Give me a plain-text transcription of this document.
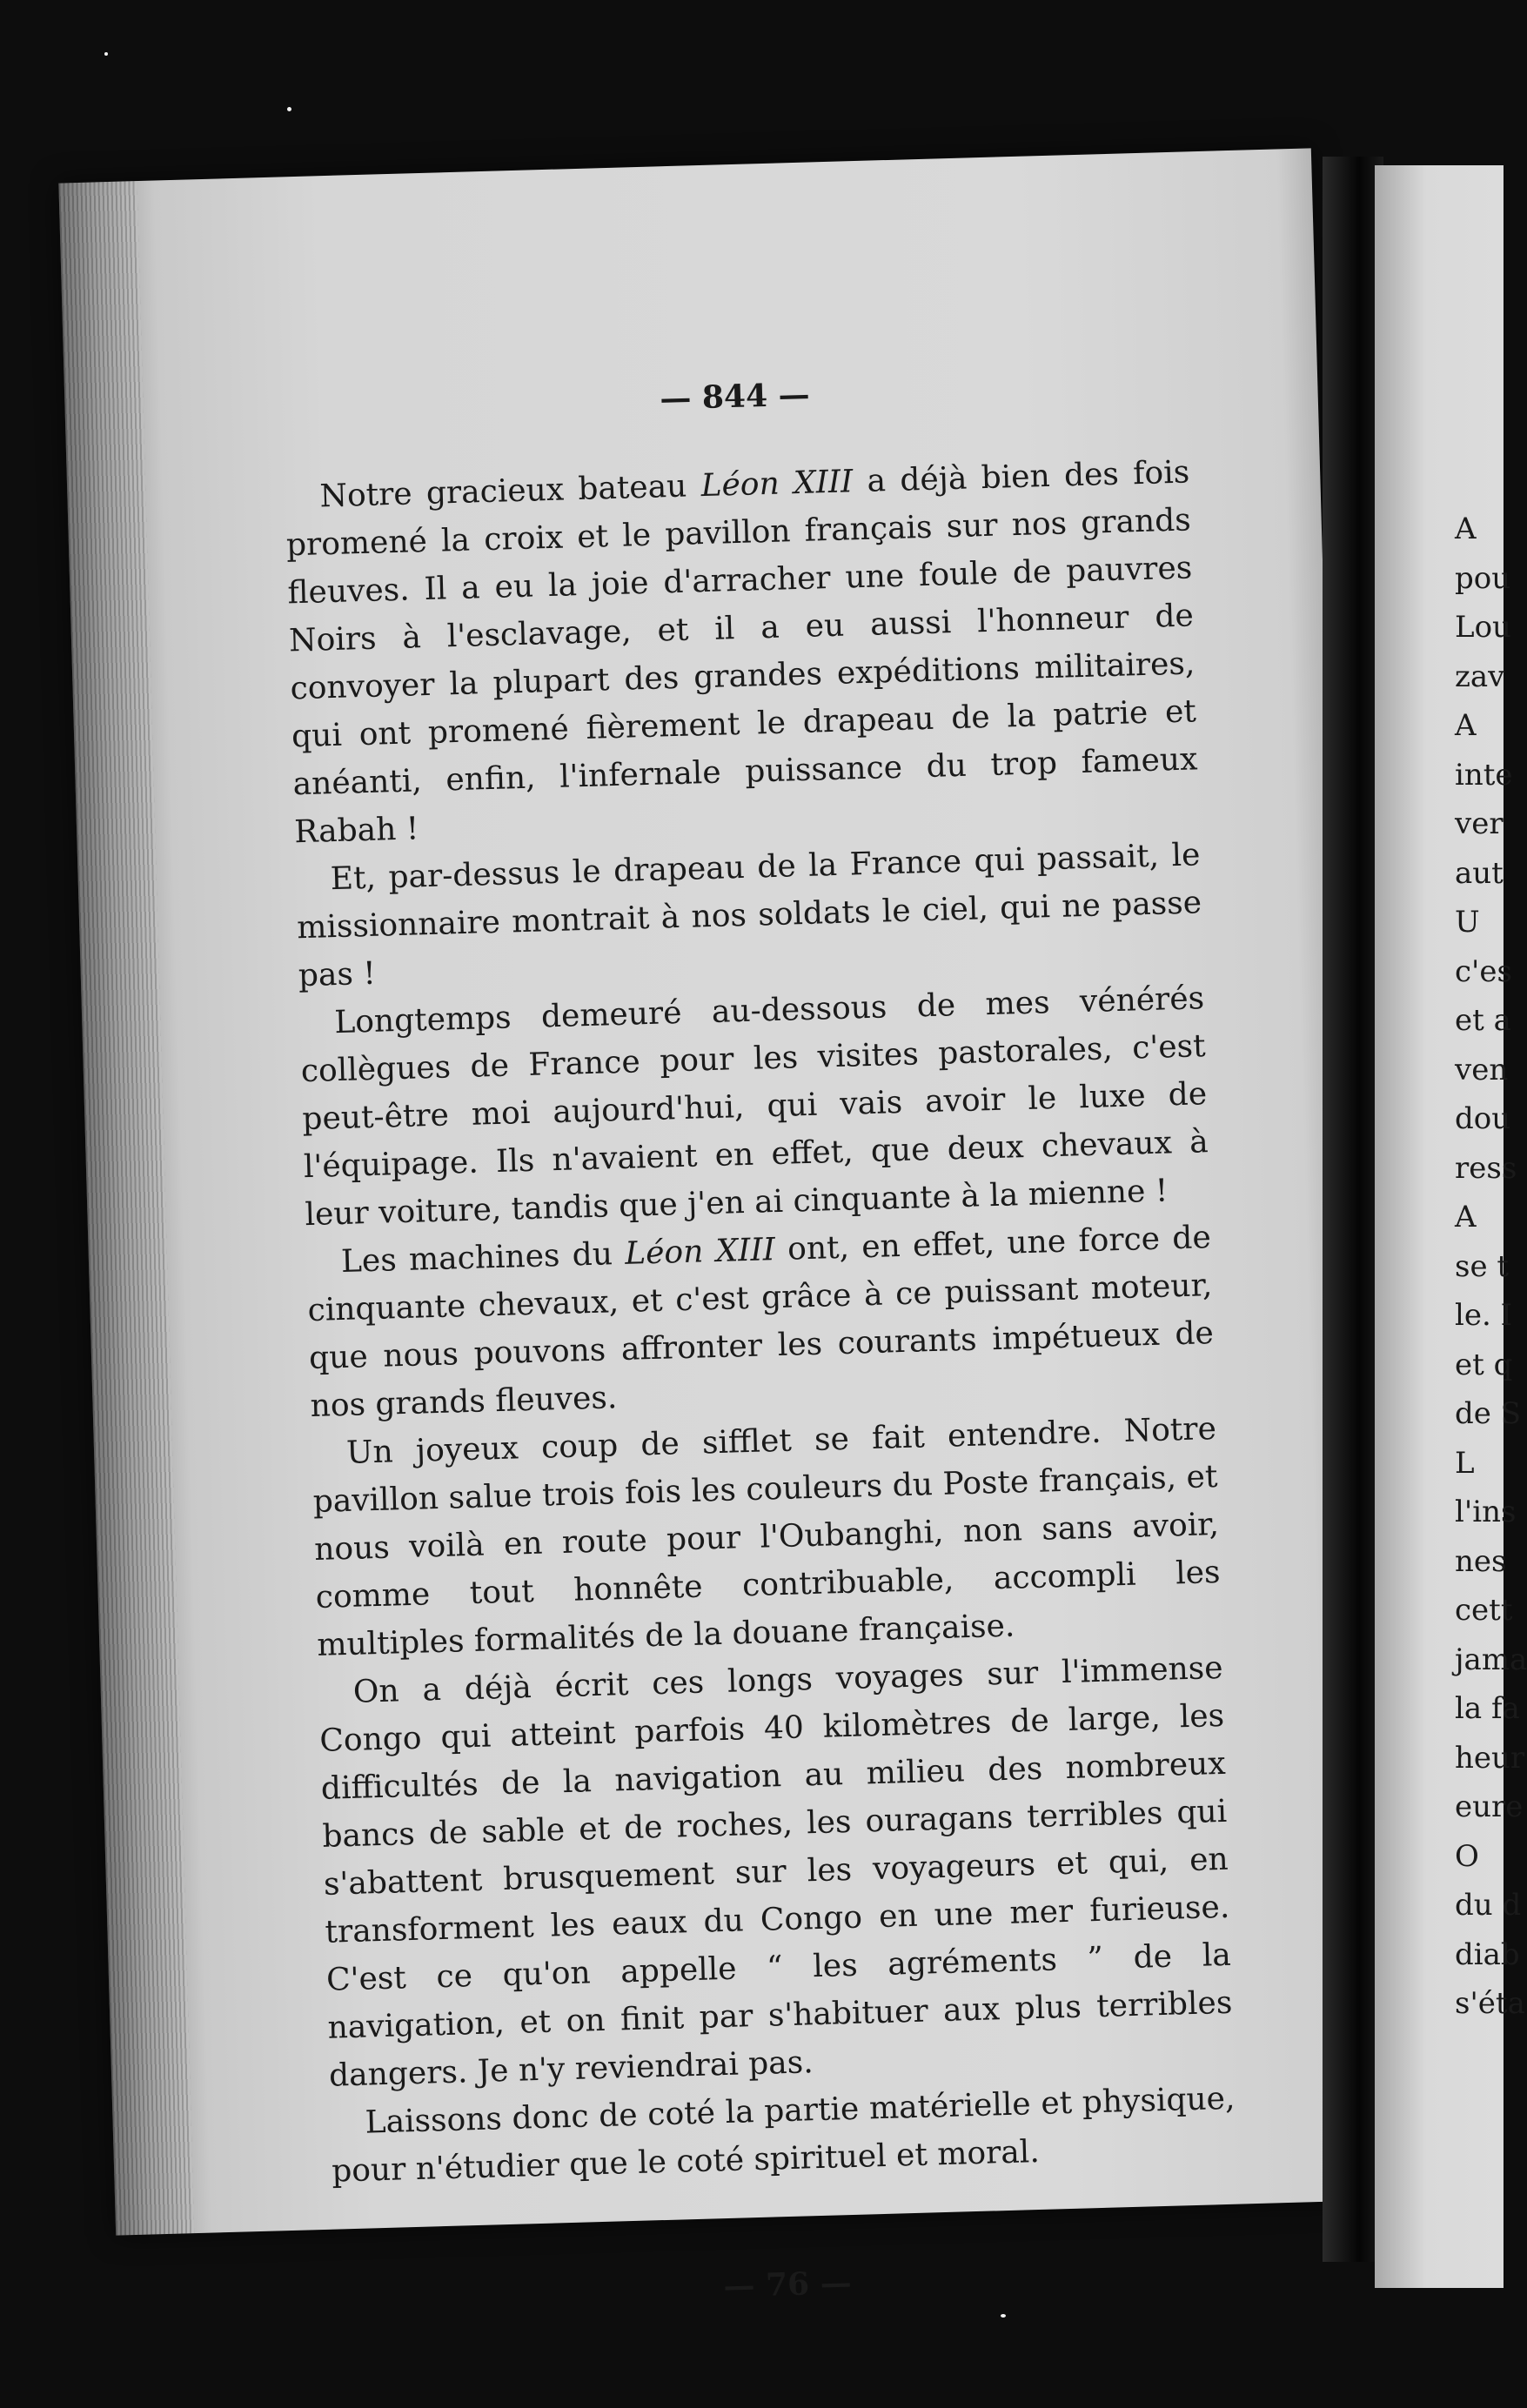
— 844 —

Notre gracieux bateau Léon XIII a déjà bien des fois promené la croix et le pavillon français sur nos grands fleuves. Il a eu la joie d'arracher une foule de pauvres Noirs à l'esclavage, et il a eu aussi l'honneur de convoyer la plupart des grandes expéditions militaires, qui ont promené fièrement le drapeau de la patrie et anéanti, enfin, l'infernale puissance du trop fameux Rabah !

Et, par-dessus le drapeau de la France qui passait, le missionnaire montrait à nos soldats le ciel, qui ne passe pas !

Longtemps demeuré au-dessous de mes vénérés collègues de France pour les visites pastorales, c'est peut-être moi aujourd'hui, qui vais avoir le luxe de l'équipage. Ils n'avaient en effet, que deux chevaux à leur voiture, tandis que j'en ai cinquante à la mienne !

Les machines du Léon XIII ont, en effet, une force de cinquante chevaux, et c'est grâce à ce puissant moteur, que nous pouvons affronter les courants impétueux de nos grands fleuves.

Un joyeux coup de sifflet se fait entendre. Notre pavillon salue trois fois les couleurs du Poste français, et nous voilà en route pour l'Oubanghi, non sans avoir, comme tout honnête contribuable, accompli les multiples formalités de la douane française.

On a déjà écrit ces longs voyages sur l'immense Congo qui atteint parfois 40 kilomètres de large, les difficultés de la navigation au milieu des nombreux bancs de sable et de roches, les ouragans terribles qui s'abattent brusquement sur les voyageurs et qui, en transforment les eaux du Congo en une mer furieuse. C'est ce qu'on appelle “ les agréments ” de la navigation, et on finit par s'habituer aux plus terribles dangers. Je n'y reviendrai pas.

Laissons donc de coté la partie matérielle et physique, pour n'étudier que le coté spirituel et moral.

— 76 —
A
pou
Lou
zav
A
inte
ver
aut
U
c'es
et a
ven
dou
ress
A
se t
le. I
et q
de S
L
l'ins
nes
cett
jama
la fa
heur
eure
O
du d
diab
s'éta
